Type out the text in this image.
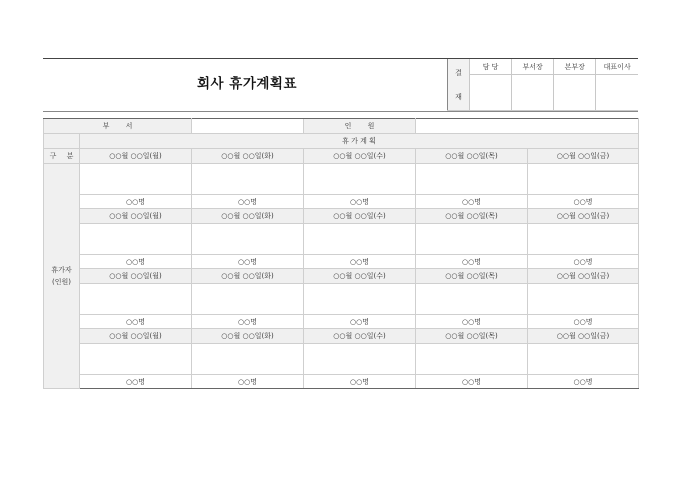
회사 휴가계획표
결
재	담 당	부서장	본부장	대표이사

부 서			인 원		
	휴 가 계 획				
구 분	○○월 ○○일(월)	○○월 ○○일(화)	○○월 ○○일(수)	○○월 ○○일(목)	○○월 ○○일(금)

휴가자
(인원)					

	○○명	○○명	○○명	○○명	○○명
	○○월 ○○일(월)	○○월 ○○일(화)	○○월 ○○일(수)	○○월 ○○일(목)	○○월 ○○일(금)

	○○명	○○명	○○명	○○명	○○명
	○○월 ○○일(월)	○○월 ○○일(화)	○○월 ○○일(수)	○○월 ○○일(목)	○○월 ○○일(금)

	○○명	○○명	○○명	○○명	○○명
	○○월 ○○일(월)	○○월 ○○일(화)	○○월 ○○일(수)	○○월 ○○일(목)	○○월 ○○일(금)

	○○명	○○명	○○명	○○명	○○명
